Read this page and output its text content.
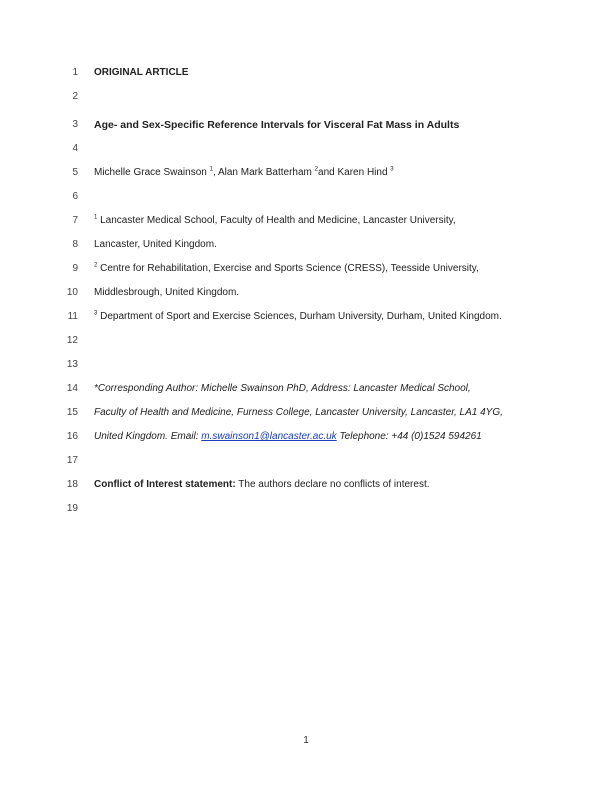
1 ORIGINAL ARTICLE
2
3 Age- and Sex-Specific Reference Intervals for Visceral Fat Mass in Adults
4
5 Michelle Grace Swainson $^1$, Alan Mark Batterham $^2$and Karen Hind $^3$
6
7	$^1$ Lancaster Medical School, Faculty of Health and Medicine, Lancaster University,
8 Lancaster, United Kingdom.
9	$^2$ Centre for Rehabilitation, Exercise and Sports Science (CRESS), Teesside University,
10 Middlesbrough, United Kingdom.
11	$^3$ Department of Sport and Exercise Sciences, Durham University, Durham, United Kingdom.
12
13
14 *Corresponding Author: Michelle Swainson PhD, Address: Lancaster Medical School,
15 Faculty of Health and Medicine, Furness College, Lancaster University, Lancaster, LA1 4YG,
16 United Kingdom. Email: m.swainson1@lancaster.ac.uk Telephone: +44 (0)1524 594261
17
18 Conflict of Interest statement: The authors declare no conflicts of interest.
19
1
